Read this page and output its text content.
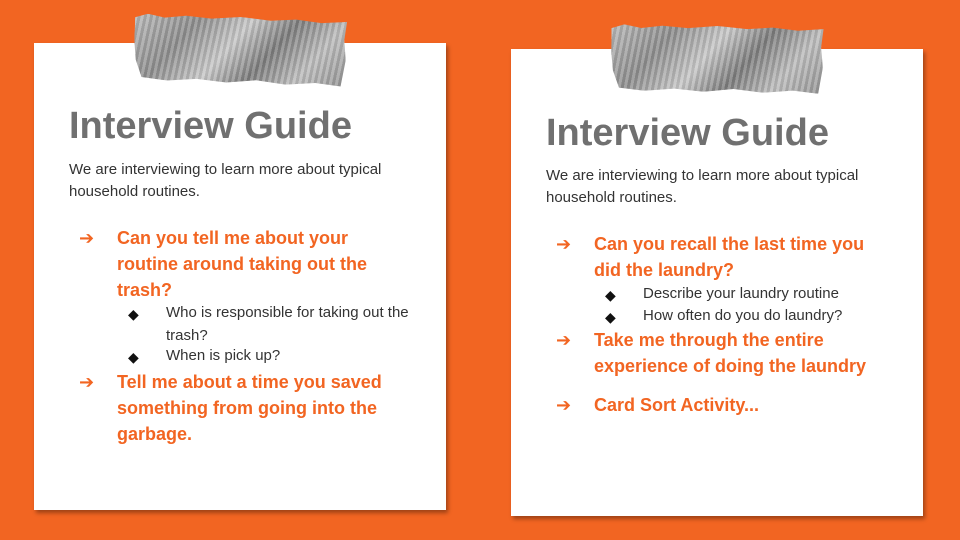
Interview Guide

We are interviewing to learn more about typical household routines.

➔ Can you tell me about your routine around taking out the trash?
◆ Who is responsible for taking out the trash?
◆ When is pick up?
➔ Tell me about a time you saved something from going into the garbage.
Interview Guide

We are interviewing to learn more about typical household routines.

➔ Can you recall the last time you did the laundry?
◆ Describe your laundry routine
◆ How often do you do laundry?
➔ Take me through the entire experience of doing the laundry
➔ Card Sort Activity...
